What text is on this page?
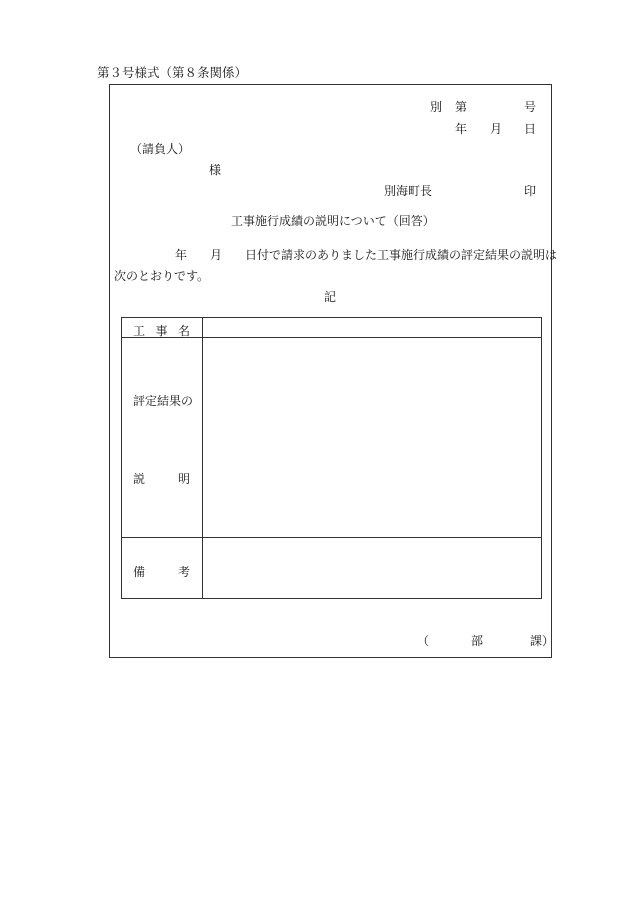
第３号様式（第８条関係）
別 第	号
年 月 日
（請負人）
様
別海町長	印
工事施行成績の説明について（回答）
年 月 日付で請求のありました工事施行成績の評定結果の説明は
次のとおりです。
記
工 事 名	

評定結果の
説 明	

備 考	

（	部	課）
